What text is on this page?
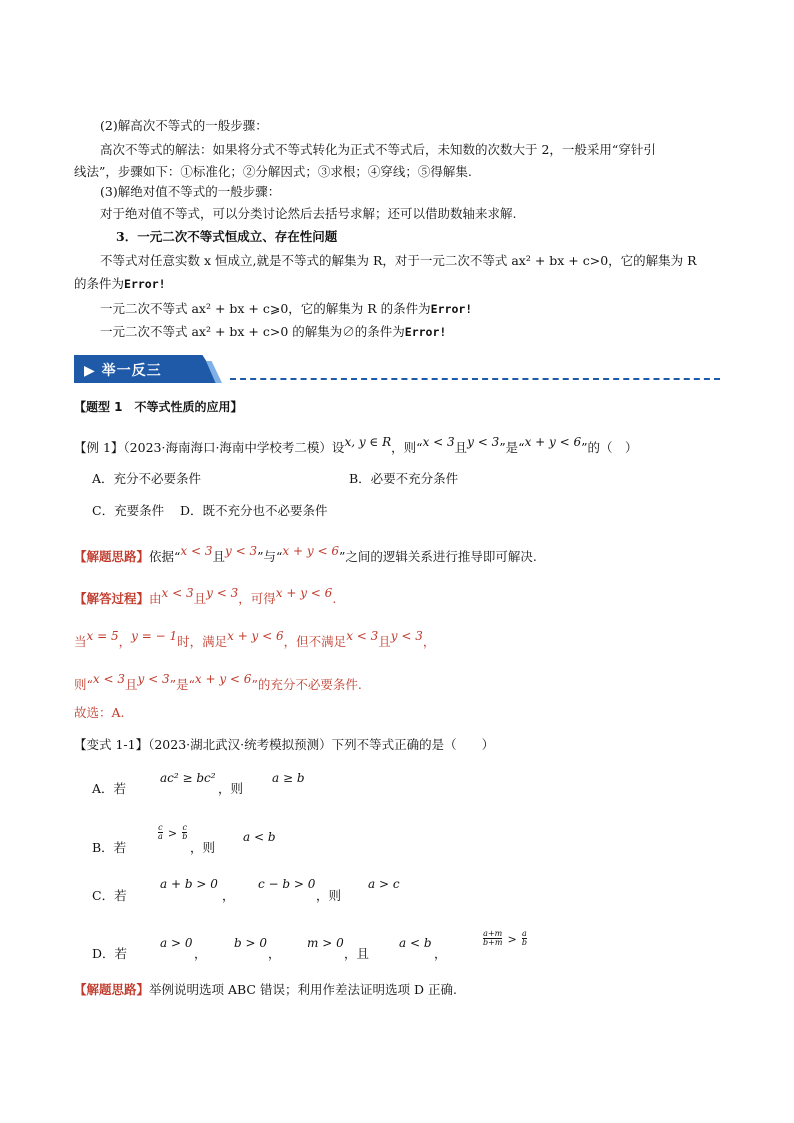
(2)解高次不等式的一般步骤：
高次不等式的解法：如果将分式不等式转化为正式不等式后，未知数的次数大于 2，一般采用“穿针引
线法”，步骤如下：①标准化；②分解因式；③求根；④穿线；⑤得解集.
(3)解绝对值不等式的一般步骤：
对于绝对值不等式，可以分类讨论然后去括号求解；还可以借助数轴来求解.
3．一元二次不等式恒成立、存在性问题
不等式对任意实数 x 恒成立,就是不等式的解集为 R，对于一元二次不等式 ax² + bx + c>0，它的解集为 R
的条件为Error!
一元二次不等式 ax² + bx + c⩾0，它的解集为 R 的条件为Error!
一元二次不等式 ax² + bx + c>0 的解集为∅的条件为Error!
▶ 举一反三
【题型 1　不等式性质的应用】
【例 1】（2023·海南海口·海南中学校考二模）设x, y ∈ R，则“x < 3且y < 3”是“x + y < 6”的（　）
A．充分不必要条件	B．必要不充分条件
C．充要条件 D．既不充分也不必要条件
【解题思路】依据“x < 3且y < 3”与“x + y < 6”之间的逻辑关系进行推导即可解决.
【解答过程】由x < 3且y < 3，可得x + y < 6.
当x = 5，y = − 1时，满足x + y < 6，但不满足x < 3且y < 3，
则“x < 3且y < 3”是“x + y < 6”的充分不必要条件.
故选：A.
【变式 1-1】（2023·湖北武汉·统考模拟预测）下列不等式正确的是（　　）
A．若
ac² ≥ bc²
，则
a ≥ b
B．若
$\frac{c}{a} > \frac{c}{b}$
，则
a < b
C．若
a + b > 0
，
c − b > 0
，则
a > c
D．若
a > 0
，
b > 0
，
m > 0
，且
a < b
，
$\frac{a+m}{b+m} > \frac{a}{b}$
【解题思路】举例说明选项 ABC 错误；利用作差法证明选项 D 正确.
